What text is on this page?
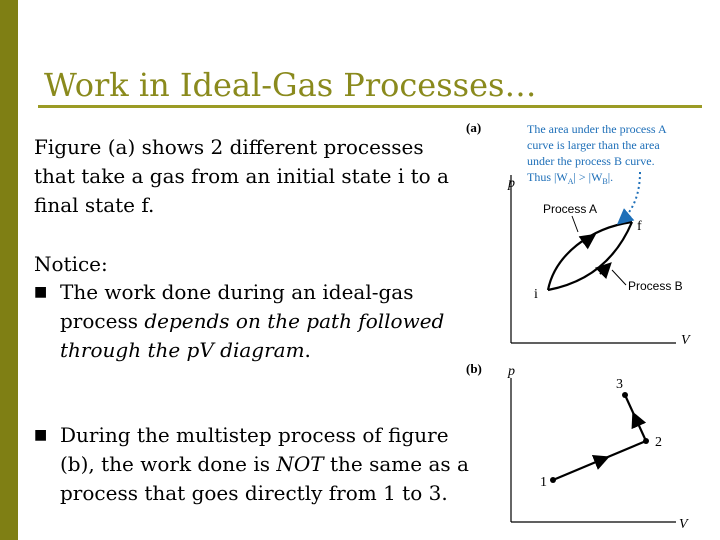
Work in Ideal-Gas Processes…
Figure (a) shows 2 different processes that take a gas from an initial state i to a final state f.
Notice:
■ The work done during an ideal-gas process depends on the path followed through the pV diagram.
■ During the multistep process of figure (b), the work done is NOT the same as a process that goes directly from 1 to 3.
(a)
p
V
i
f
Process A
Process B
The area under the process A
curve is larger than the area
under the process B curve.
Thus $|W_A| > |W_B|$.
(b) p
V
1
2
3
